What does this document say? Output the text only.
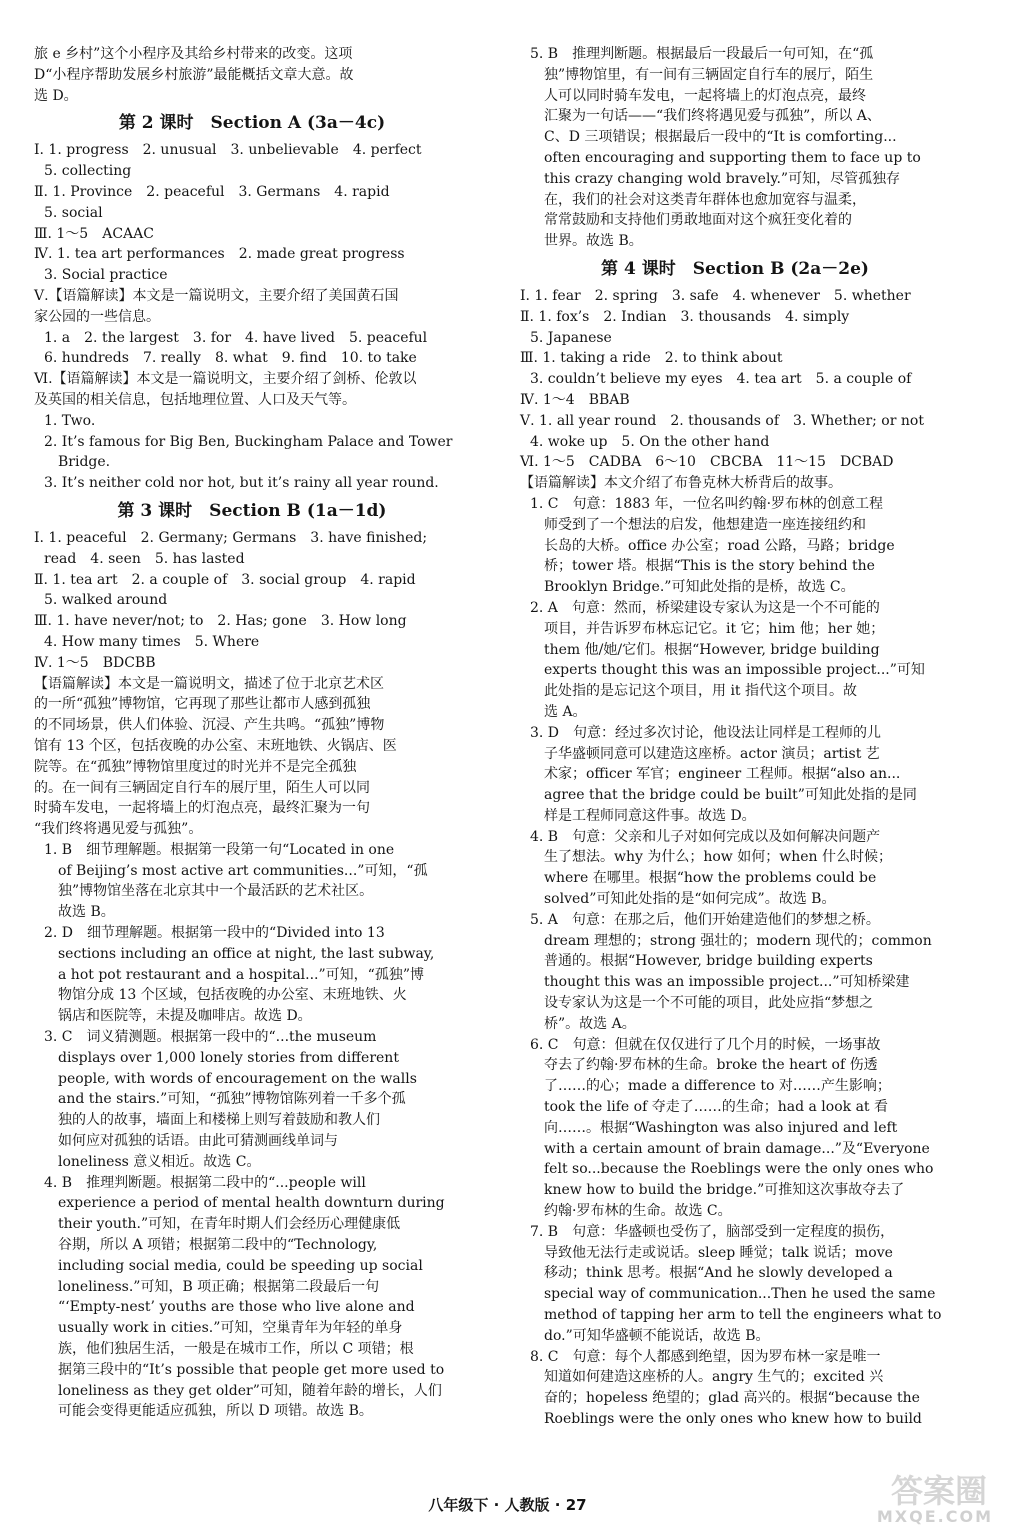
旅 e 乡村”这个小程序及其给乡村带来的改变。这项

D“小程序帮助发展乡村旅游”最能概括文章大意。故

选 D。

第 2 课时　Section A (3a－4c)

Ⅰ. 1. progress　2. unusual　3. unbelievable　4. perfect

5. collecting

Ⅱ. 1. Province　2. peaceful　3. Germans　4. rapid

5. social

Ⅲ. 1～5　ACAAC

Ⅳ. 1. tea art performances　2. made great progress

3. Social practice

Ⅴ.【语篇解读】本文是一篇说明文，主要介绍了美国黄石国

家公园的一些信息。

1. a　2. the largest　3. for　4. have lived　5. peaceful

6. hundreds　7. really　8. what　9. find　10. to take

Ⅵ.【语篇解读】本文是一篇说明文，主要介绍了剑桥、伦敦以

及英国的相关信息，包括地理位置、人口及天气等。

1. Two.

2. It’s famous for Big Ben, Buckingham Palace and Tower

Bridge.

3. It’s neither cold nor hot, but it’s rainy all year round.

第 3 课时　Section B (1a－1d)

Ⅰ. 1. peaceful　2. Germany; Germans　3. have finished;

read　4. seen　5. has lasted

Ⅱ. 1. tea art　2. a couple of　3. social group　4. rapid

5. walked around

Ⅲ. 1. have never/not; to　2. Has; gone　3. How long

4. How many times　5. Where

Ⅳ. 1～5　BDCBB

【语篇解读】本文是一篇说明文，描述了位于北京艺术区

的一所“孤独”博物馆，它再现了那些让都市人感到孤独

的不同场景，供人们体验、沉浸、产生共鸣。“孤独”博物

馆有 13 个区，包括夜晚的办公室、末班地铁、火锅店、医

院等。在“孤独”博物馆里度过的时光并不是完全孤独

的。在一间有三辆固定自行车的展厅里，陌生人可以同

时骑车发电，一起将墙上的灯泡点亮，最终汇聚为一句

“我们终将遇见爱与孤独”。

1. B　细节理解题。根据第一段第一句“Located in one

of Beijing’s most active art communities...”可知，“孤

独”博物馆坐落在北京其中一个最活跃的艺术社区。

故选 B。

2. D　细节理解题。根据第一段中的“Divided into 13

sections including an office at night, the last subway,

a hot pot restaurant and a hospital...”可知，“孤独”博

物馆分成 13 个区域，包括夜晚的办公室、末班地铁、火

锅店和医院等，未提及咖啡店。故选 D。

3. C　词义猜测题。根据第一段中的“...the museum

displays over 1,000 lonely stories from different

people, with words of encouragement on the walls

and the stairs.”可知，“孤独”博物馆陈列着一千多个孤

独的人的故事，墙面上和楼梯上则写着鼓励和教人们

如何应对孤独的话语。由此可猜测画线单词与

loneliness 意义相近。故选 C。

4. B　推理判断题。根据第二段中的“...people will

experience a period of mental health downturn during

their youth.”可知，在青年时期人们会经历心理健康低

谷期，所以 A 项错；根据第二段中的“Technology,

including social media, could be speeding up social

loneliness.”可知，B 项正确；根据第二段最后一句

“‘Empty-nest’ youths are those who live alone and

usually work in cities.”可知，空巢青年为年轻的单身

族，他们独居生活，一般是在城市工作，所以 C 项错；根

据第三段中的“It’s possible that people get more used to

loneliness as they get older”可知，随着年龄的增长，人们

可能会变得更能适应孤独，所以 D 项错。故选 B。

5. B　推理判断题。根据最后一段最后一句可知，在“孤

独”博物馆里，有一间有三辆固定自行车的展厅，陌生

人可以同时骑车发电，一起将墙上的灯泡点亮，最终

汇聚为一句话——“我们终将遇见爱与孤独”，所以 A、

C、D 三项错误；根据最后一段中的“It is comforting...

often encouraging and supporting them to face up to

this crazy changing wold bravely.”可知，尽管孤独存

在，我们的社会对这类青年群体也愈加宽容与温柔，

常常鼓励和支持他们勇敢地面对这个疯狂变化着的

世界。故选 B。

第 4 课时　Section B (2a－2e)

Ⅰ. 1. fear　2. spring　3. safe　4. whenever　5. whether

Ⅱ. 1. fox’s　2. Indian　3. thousands　4. simply

5. Japanese

Ⅲ. 1. taking a ride　2. to think about

3. couldn’t believe my eyes　4. tea art　5. a couple of

Ⅳ. 1～4　BBAB

Ⅴ. 1. all year round　2. thousands of　3. Whether; or not

4. woke up　5. On the other hand

Ⅵ. 1～5　CADBA　6～10　CBCBA　11～15　DCBAD

【语篇解读】本文介绍了布鲁克林大桥背后的故事。

1. C　句意：1883 年，一位名叫约翰·罗布林的创意工程

师受到了一个想法的启发，他想建造一座连接纽约和

长岛的大桥。office 办公室；road 公路，马路；bridge

桥；tower 塔。根据“This is the story behind the

Brooklyn Bridge.”可知此处指的是桥，故选 C。

2. A　句意：然而，桥梁建设专家认为这是一个不可能的

项目，并告诉罗布林忘记它。it 它；him 他；her 她；

them 他/她/它们。根据“However, bridge building

experts thought this was an impossible project...”可知

此处指的是忘记这个项目，用 it 指代这个项目。故

选 A。

3. D　句意：经过多次讨论，他设法让同样是工程师的儿

子华盛顿同意可以建造这座桥。actor 演员；artist 艺

术家；officer 军官；engineer 工程师。根据“also an...

agree that the bridge could be built”可知此处指的是同

样是工程师同意这件事。故选 D。

4. B　句意：父亲和儿子对如何完成以及如何解决问题产

生了想法。why 为什么；how 如何；when 什么时候；

where 在哪里。根据“how the problems could be

solved”可知此处指的是“如何完成”。故选 B。

5. A　句意：在那之后，他们开始建造他们的梦想之桥。

dream 理想的；strong 强壮的；modern 现代的；common

普通的。根据“However, bridge building experts

thought this was an impossible project...”可知桥梁建

设专家认为这是一个不可能的项目，此处应指“梦想之

桥”。故选 A。

6. C　句意：但就在仅仅进行了几个月的时候，一场事故

夺去了约翰·罗布林的生命。broke the heart of 伤透

了……的心；made a difference to 对……产生影响；

took the life of 夺走了……的生命；had a look at 看

向……。根据“Washington was also injured and left

with a certain amount of brain damage...”及“Everyone

felt so...because the Roeblings were the only ones who

knew how to build the bridge.”可推知这次事故夺去了

约翰·罗布林的生命。故选 C。

7. B　句意：华盛顿也受伤了，脑部受到一定程度的损伤，

导致他无法行走或说话。sleep 睡觉；talk 说话；move

移动；think 思考。根据“And he slowly developed a

special way of communication...Then he used the same

method of tapping her arm to tell the engineers what to

do.”可知华盛顿不能说话，故选 B。

8. C　句意：每个人都感到绝望，因为罗布林一家是唯一

知道如何建造这座桥的人。angry 生气的；excited 兴

奋的；hopeless 绝望的；glad 高兴的。根据“because the

Roeblings were the only ones who knew how to build

八年级下 · 人教版 · 27	答案圈
MXQE.COM
